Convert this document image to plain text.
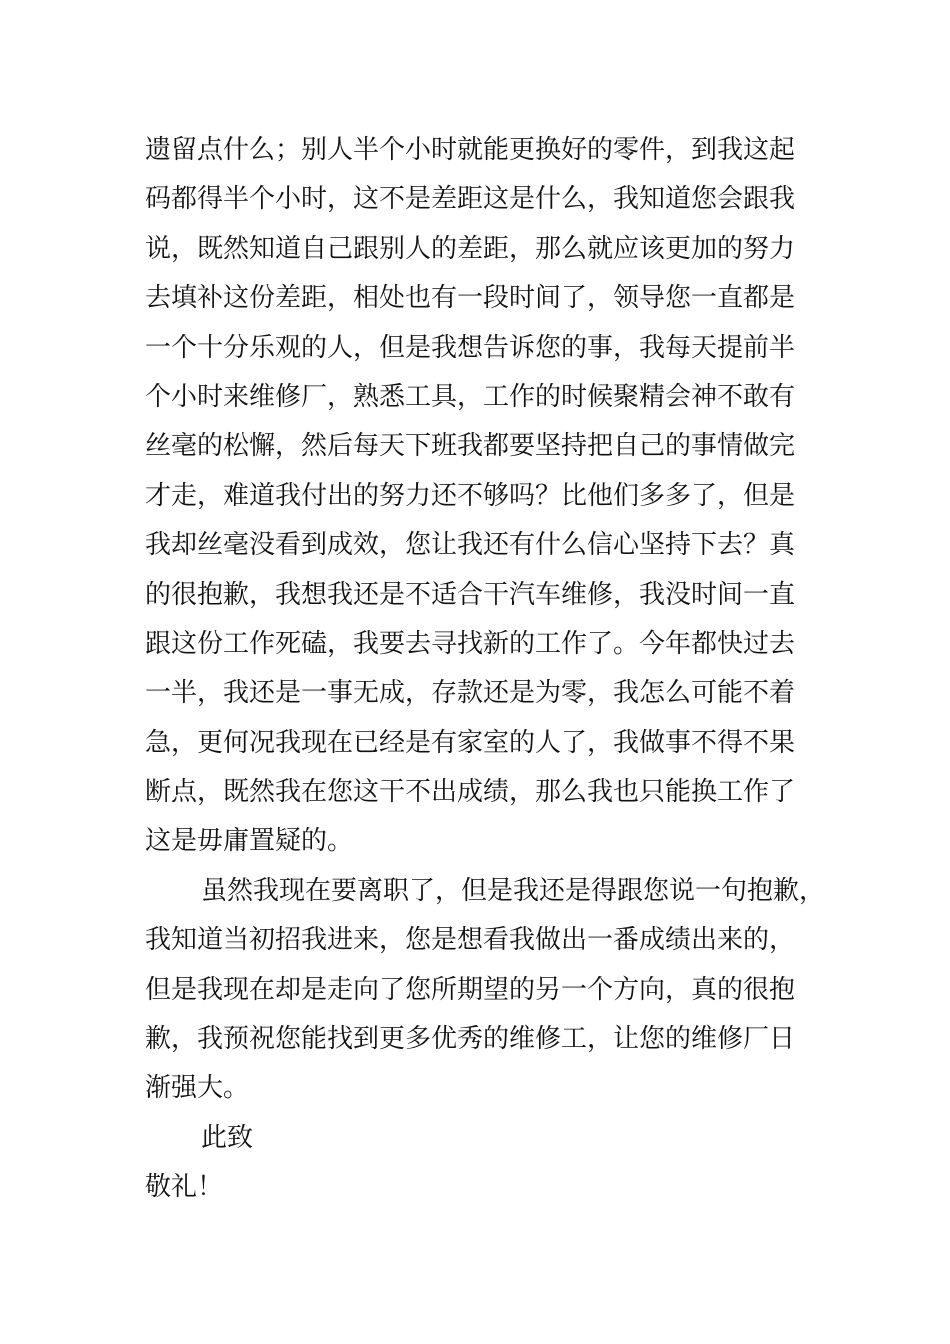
遗留点什么；别人半个小时就能更换好的零件，到我这起
码都得半个小时，这不是差距这是什么，我知道您会跟我
说，既然知道自己跟别人的差距，那么就应该更加的努力
去填补这份差距，相处也有一段时间了，领导您一直都是
一个十分乐观的人，但是我想告诉您的事，我每天提前半
个小时来维修厂，熟悉工具，工作的时候聚精会神不敢有
丝毫的松懈，然后每天下班我都要坚持把自己的事情做完
才走，难道我付出的努力还不够吗？比他们多多了，但是
我却丝毫没看到成效，您让我还有什么信心坚持下去？真
的很抱歉，我想我还是不适合干汽车维修，我没时间一直
跟这份工作死磕，我要去寻找新的工作了。今年都快过去
一半，我还是一事无成，存款还是为零，我怎么可能不着
急，更何况我现在已经是有家室的人了，我做事不得不果
断点，既然我在您这干不出成绩，那么我也只能换工作了
这是毋庸置疑的。
虽然我现在要离职了，但是我还是得跟您说一句抱歉，
我知道当初招我进来，您是想看我做出一番成绩出来的，
但是我现在却是走向了您所期望的另一个方向，真的很抱
歉，我预祝您能找到更多优秀的维修工，让您的维修厂日
渐强大。
此致
敬礼！
